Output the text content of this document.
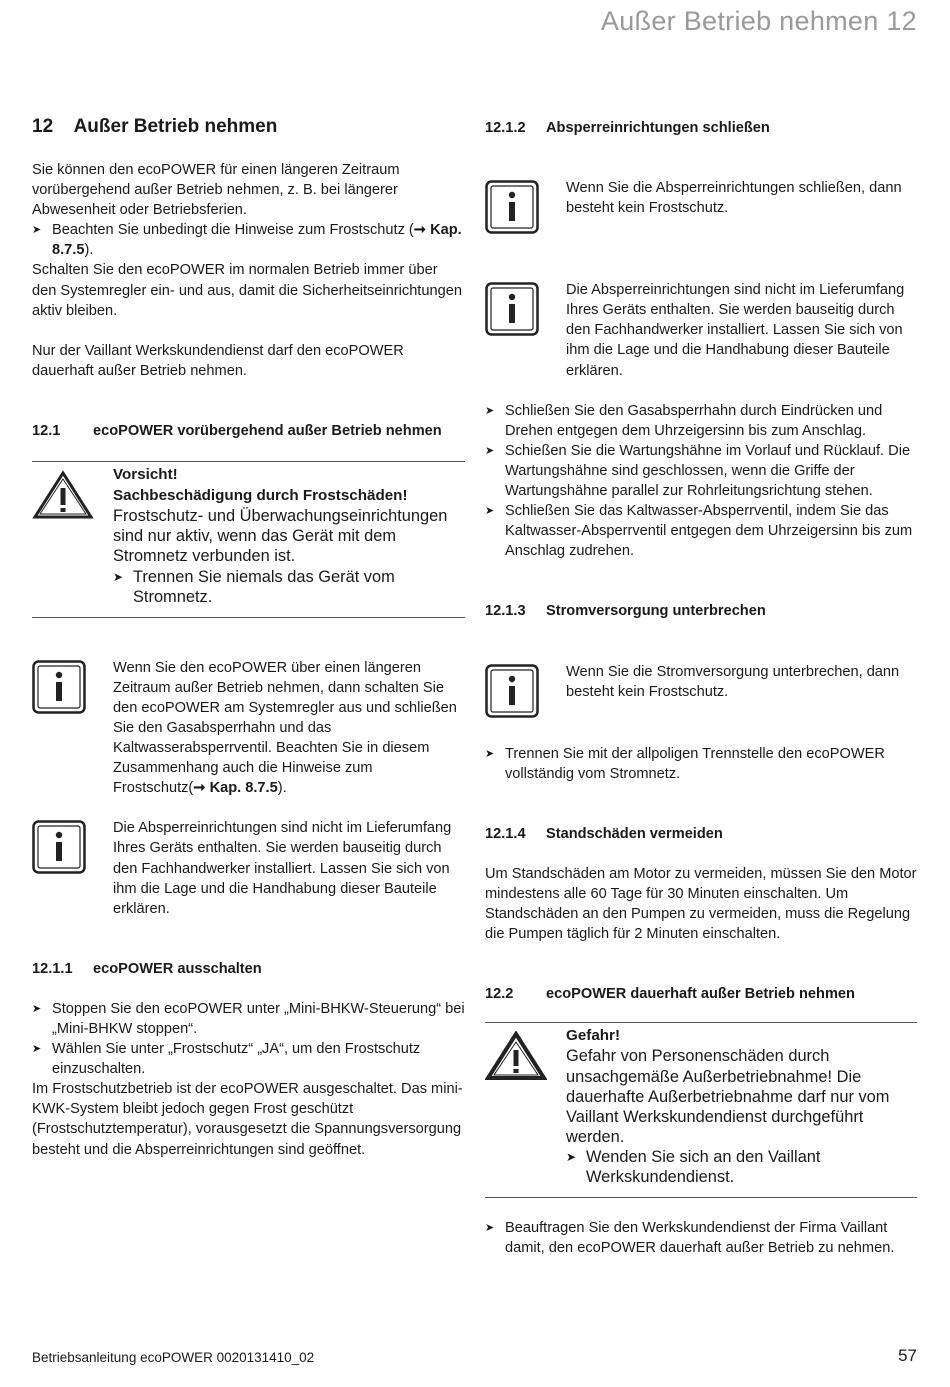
Außer Betrieb nehmen 12
12 Außer Betrieb nehmen

Sie können den ecoPOWER für einen längeren Zeitraum vorübergehend außer Betrieb nehmen, z. B. bei längerer Abwesenheit oder Betriebsferien.

➤ Beachten Sie unbedingt die Hinweise zum Frostschutz (➞ Kap. 8.7.5).

Schalten Sie den ecoPOWER im normalen Betrieb immer über den Systemregler ein- und aus, damit die Sicherheitseinrichtungen aktiv bleiben.

Nur der Vaillant Werkskundendienst darf den ecoPOWER dauerhaft außer Betrieb nehmen.

12.1	ecoPOWER vorübergehend außer Betrieb nehmen
Vorsicht!
Sachbeschädigung durch Frostschäden!
Frostschutz- und Überwachungseinrichtungen sind nur aktiv, wenn das Gerät mit dem Stromnetz verbunden ist.
➤ Trennen Sie niemals das Gerät vom Stromnetz.
Wenn Sie den ecoPOWER über einen längeren Zeitraum außer Betrieb nehmen, dann schalten Sie den ecoPOWER am Systemregler aus und schließen Sie den Gasabsperrhahn und das Kaltwasserabsperrventil. Beachten Sie in diesem Zusammenhang auch die Hinweise zum Frostschutz(➞ Kap. 8.7.5).
Die Absperreinrichtungen sind nicht im Lieferumfang Ihres Geräts enthalten. Sie werden bauseitig durch den Fachhandwerker installiert. Lassen Sie sich von ihm die Lage und die Handhabung dieser Bauteile erklären.
12.1.1	ecoPOWER ausschalten
➤ Stoppen Sie den ecoPOWER unter „Mini-BHKW-Steuerung“ bei „Mini-BHKW stoppen“.
➤ Wählen Sie unter „Frostschutz“ „JA“, um den Frostschutz einzuschalten.

Im Frostschutzbetrieb ist der ecoPOWER ausgeschaltet. Das mini-KWK-System bleibt jedoch gegen Frost geschützt (Frostschutztemperatur), vorausgesetzt die Spannungsversorgung besteht und die Absperreinrichtungen sind geöffnet.

12.1.2	Absperreinrichtungen schließen
Wenn Sie die Absperreinrichtungen schließen, dann besteht kein Frostschutz.
Die Absperreinrichtungen sind nicht im Lieferumfang Ihres Geräts enthalten. Sie werden bauseitig durch den Fachhandwerker installiert. Lassen Sie sich von ihm die Lage und die Handhabung dieser Bauteile erklären.
➤ Schließen Sie den Gasabsperrhahn durch Eindrücken und Drehen entgegen dem Uhrzeigersinn bis zum Anschlag.
➤ Schießen Sie die Wartungshähne im Vorlauf und Rücklauf. Die Wartungshähne sind geschlossen, wenn die Griffe der Wartungshähne parallel zur Rohrleitungsrichtung stehen.
➤ Schließen Sie das Kaltwasser-Absperrventil, indem Sie das Kaltwasser-Absperrventil entgegen dem Uhrzeigersinn bis zum Anschlag zudrehen.
12.1.3	Stromversorgung unterbrechen
Wenn Sie die Stromversorgung unterbrechen, dann besteht kein Frostschutz.
➤ Trennen Sie mit der allpoligen Trennstelle den ecoPOWER vollständig vom Stromnetz.
12.1.4	Standschäden vermeiden

Um Standschäden am Motor zu vermeiden, müssen Sie den Motor mindestens alle 60 Tage für 30 Minuten einschalten. Um Standschäden an den Pumpen zu vermeiden, muss die Regelung die Pumpen täglich für 2 Minuten einschalten.

12.2	ecoPOWER dauerhaft außer Betrieb nehmen
Gefahr!
Gefahr von Personenschäden durch unsachgemäße Außerbetriebnahme! Die dauerhafte Außerbetriebnahme darf nur vom Vaillant Werkskundendienst durchgeführt werden.
➤ Wenden Sie sich an den Vaillant Werkskundendienst.
➤ Beauftragen Sie den Werkskundendienst der Firma Vaillant damit, den ecoPOWER dauerhaft außer Betrieb zu nehmen.
Betriebsanleitung ecoPOWER 0020131410_02	57
